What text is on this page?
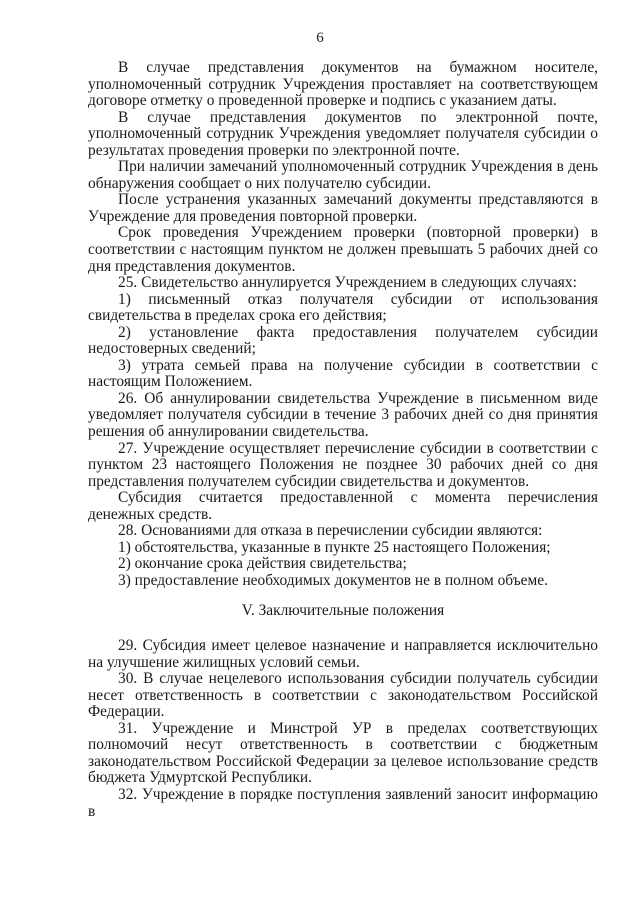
6

В случае представления документов на бумажном носителе, уполномоченный сотрудник Учреждения проставляет на соответствующем договоре отметку о проведенной проверке и подпись с указанием даты.

В случае представления документов по электронной почте, уполномоченный сотрудник Учреждения уведомляет получателя субсидии о результатах проведения проверки по электронной почте.

При наличии замечаний уполномоченный сотрудник Учреждения в день обнаружения сообщает о них получателю субсидии.

После устранения указанных замечаний документы представляются в Учреждение для проведения повторной проверки.

Срок проведения Учреждением проверки (повторной проверки) в соответствии с настоящим пунктом не должен превышать 5 рабочих дней со дня представления документов.

25. Свидетельство аннулируется Учреждением в следующих случаях:

1) письменный отказ получателя субсидии от использования свидетельства в пределах срока его действия;

2) установление факта предоставления получателем субсидии недостоверных сведений;

3) утрата семьей права на получение субсидии в соответствии с настоящим Положением.

26. Об аннулировании свидетельства Учреждение в письменном виде уведомляет получателя субсидии в течение 3 рабочих дней со дня принятия решения об аннулировании свидетельства.

27. Учреждение осуществляет перечисление субсидии в соответствии с пунктом 23 настоящего Положения не позднее 30 рабочих дней со дня представления получателем субсидии свидетельства и документов.

Субсидия считается предоставленной с момента перечисления денежных средств.

28. Основаниями для отказа в перечислении субсидии являются:

1) обстоятельства, указанные в пункте 25 настоящего Положения;

2) окончание срока действия свидетельства;

3) предоставление необходимых документов не в полном объеме.

V. Заключительные положения

29. Субсидия имеет целевое назначение и направляется исключительно на улучшение жилищных условий семьи.

30. В случае нецелевого использования субсидии получатель субсидии несет ответственность в соответствии с законодательством Российской Федерации.

31. Учреждение и Минстрой УР в пределах соответствующих полномочий несут ответственность в соответствии с бюджетным законодательством Российской Федерации за целевое использование средств бюджета Удмуртской Республики.

32. Учреждение в порядке поступления заявлений заносит информацию в
